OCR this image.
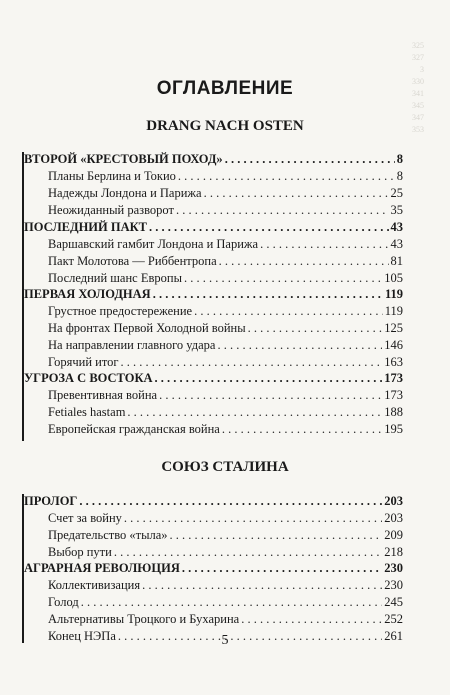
325
327
3
330
341
345
347
353
ОГЛАВЛЕНИЕ
DRANG NACH OSTEN
ВТОРОЙ «КРЕСТОВЫЙ ПОХОД» . . .	8
Планы Берлина и Токио . . .	8
Надежды Лондона и Парижа . . .	25
Неожиданный разворот . . .	35
ПОСЛЕДНИЙ ПАКТ . . .	43
Варшавский гамбит Лондона и Парижа . . .	43
Пакт Молотова — Риббентропа . . .	81
Последний шанс Европы . . .	105
ПЕРВАЯ ХОЛОДНАЯ . . .	119
Грустное предостережение . . .	119
На фронтах Первой Холодной войны . . .	125
На направлении главного удара . . .	146
Горячий итог . . .	163
УГРОЗА С ВОСТОКА . . .	173
Превентивная война . . .	173
Fetiales hastam . . .	188
Европейская гражданская война . . .	195
СОЮЗ СТАЛИНА
ПРОЛОГ . . .	203
Счет за войну . . .	203
Предательство «тыла» . . .	209
Выбор пути . . .	218
АГРАРНАЯ РЕВОЛЮЦИЯ . . .	230
Коллективизация . . .	230
Голод . . .	245
Альтернативы Троцкого и Бухарина . . .	252
Конец НЭПа . . .	261
5
